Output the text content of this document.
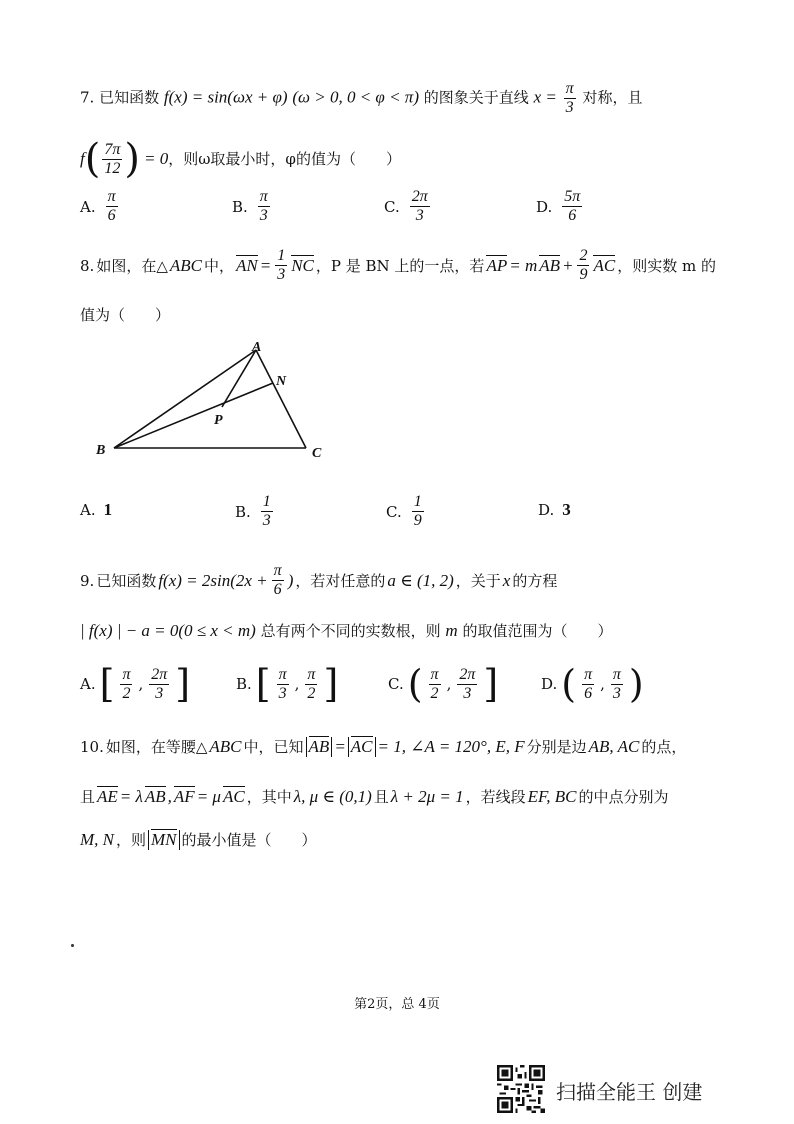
7. 已知函数 f(x) = sin(ωx + φ) (ω > 0, 0 < φ < π) 的图象关于直线 $x = \frac{\pi}{3}$ 对称，且
f ( $\frac{7\pi}{12}$ ) = 0 ，则ω取最小时，φ的值为（　　）
A. $\frac{\pi}{6}$	B. $\frac{\pi}{3}$	C. $\frac{2\pi}{3}$	D. $\frac{5\pi}{6}$
8. 如图，在△ ABC 中， AN = $\frac{1}{3}$ NC ，P 是 BN 上的一点，若 AP = m AB + $\frac{2}{9}$ AC ，则实数 m 的
值为（　　）
A
B	C
N
P
A. 1	B. $\frac{1}{3}$	C. $\frac{1}{9}$	D. 3
9. 已知函数 $f(x) = 2\sin(2x + \frac{\pi}{6}$ ) ，若对任意的 a ∈ (1, 2) ，关于 x 的方程
| f(x) | − a = 0(0 ≤ x < m) 总有两个不同的实数根，则 m 的取值范围为（　　）
A. [ $\frac{\pi}{2}$ , $\frac{2\pi}{3}$ ]	B. [ $\frac{\pi}{3}$ , $\frac{\pi}{2}$ ]	C. ( $\frac{\pi}{2}$ , $\frac{2\pi}{3}$ ]	D. ( $\frac{\pi}{6}$ , $\frac{\pi}{3}$ )
10. 如图，在等腰△ ABC 中，已知 AB = AC = 1, ∠A = 120°, E, F 分别是边 AB, AC 的点，
且 AE = λ AB , AF = μ AC ，其中 λ, μ ∈ (0,1) 且 λ + 2μ = 1 ，若线段 EF, BC 的中点分别为
M, N ，则 MN 的最小值是（　　）
第2页，总 4页
扫描全能王 创建
